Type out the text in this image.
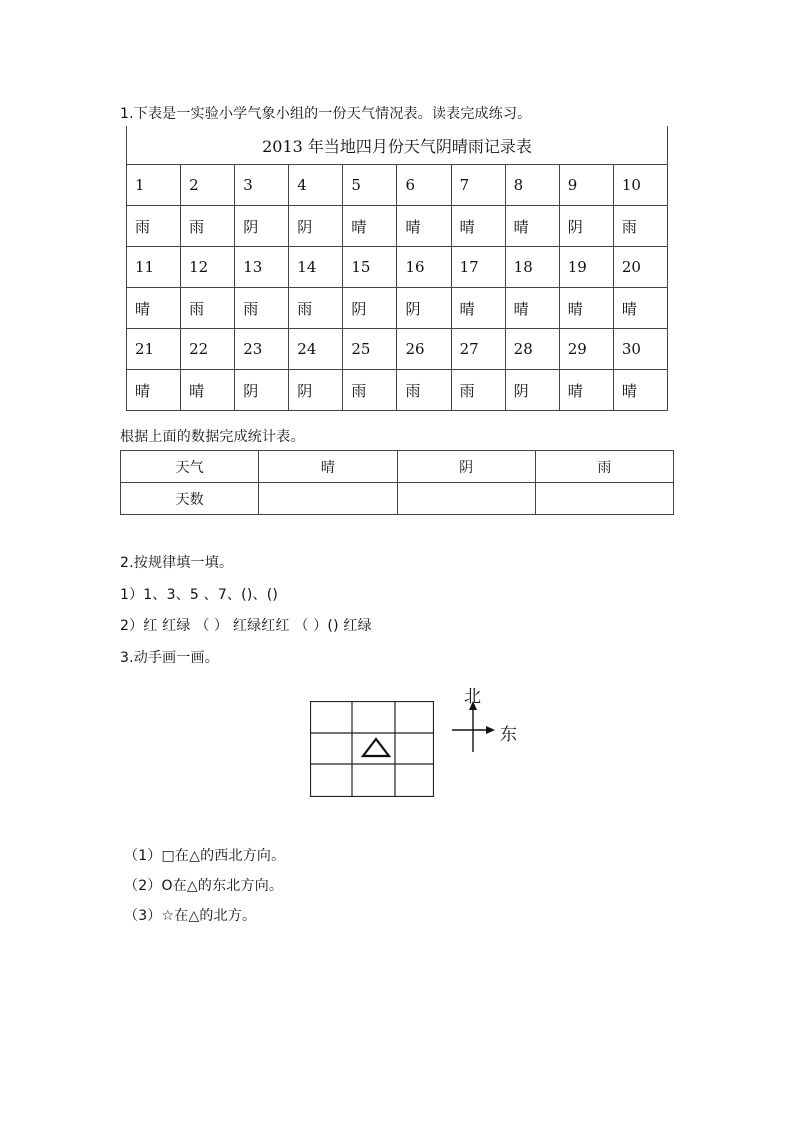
1.下表是一实验小学气象小组的一份天气情况表。读表完成练习。
2013 年当地四月份天气阴晴雨记录表									
1	2	3	4	5	6	7	8	9	10
雨	雨	阴	阴	晴	晴	晴	晴	阴	雨
11	12	13	14	15	16	17	18	19	20
晴	雨	雨	雨	阴	阴	晴	晴	晴	晴
21	22	23	24	25	26	27	28	29	30
晴	晴	阴	阴	雨	雨	雨	阴	晴	晴
根据上面的数据完成统计表。
天气	晴	阴	雨
天数			
2.按规律填一填。
1）1、3、5 、7、()、()
2）红 红绿 （ ） 红绿红红 （ ）() 红绿
3.动手画一画。
北
东
（1）□在△的西北方向。
（2）O在△的东北方向。
（3）☆在△的北方。
